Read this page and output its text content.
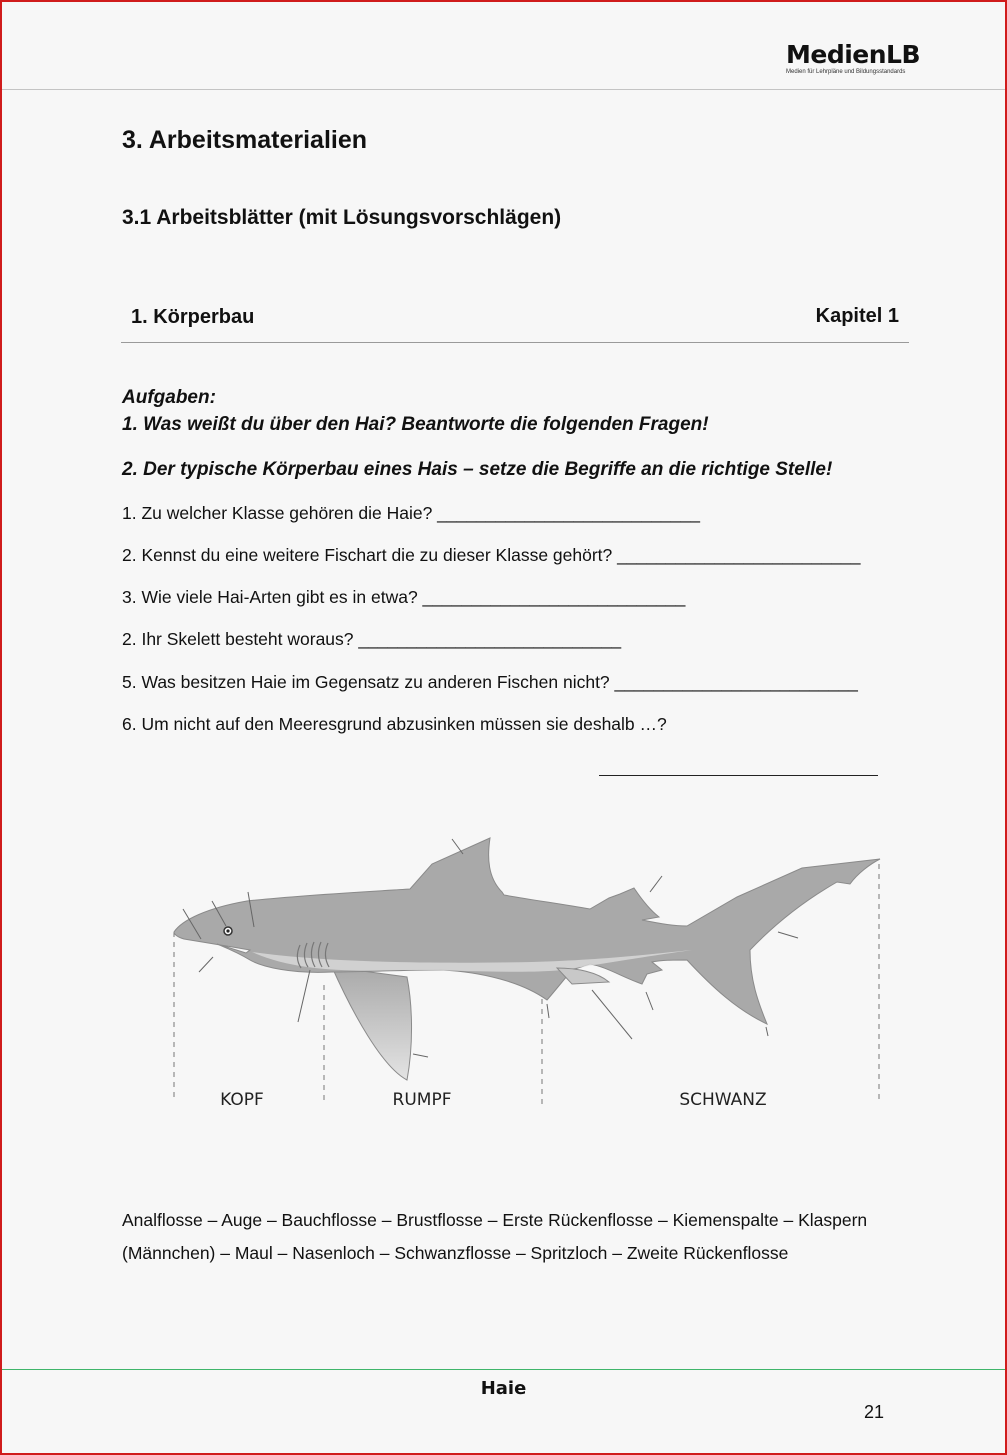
MedienLB
Medien für Lehrpläne und Bildungsstandards
3. Arbeitsmaterialien
3.1 Arbeitsblätter (mit Lösungsvorschlägen)
1. Körperbau	Kapitel 1
Aufgaben:
1. Was weißt du über den Hai? Beantworte die folgenden Fragen!
2. Der typische Körperbau eines Hais – setze die Begriffe an die richtige Stelle!
1. Zu welcher Klasse gehören die Haie? ___________________________
2. Kennst du eine weitere Fischart die zu dieser Klasse gehört? _________________________
3. Wie viele Hai-Arten gibt es in etwa? ___________________________
2. Ihr Skelett besteht woraus? ___________________________
5. Was besitzen Haie im Gegensatz zu anderen Fischen nicht? _________________________
6. Um nicht auf den Meeresgrund abzusinken müssen sie deshalb …?
KOPF	RUMPF	SCHWANZ
Analflosse – Auge – Bauchflosse – Brustflosse – Erste Rückenflosse – Kiemenspalte – Klaspern (Männchen) – Maul – Nasenloch – Schwanzflosse – Spritzloch – Zweite Rückenflosse
Haie
21
